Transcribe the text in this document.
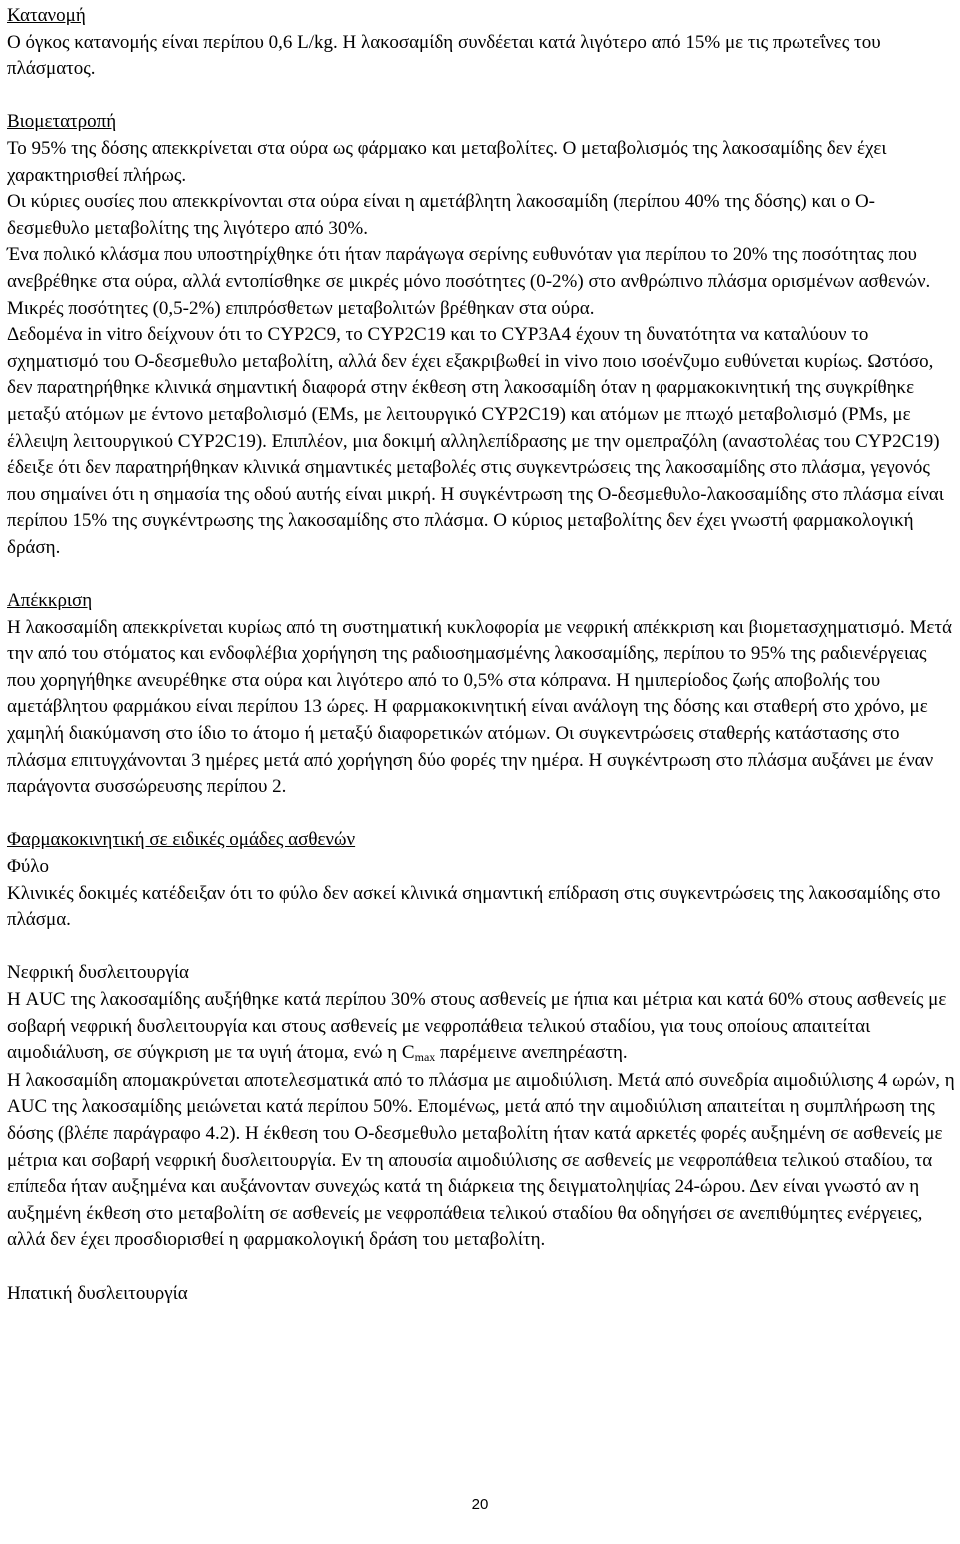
Κατανομή

Ο όγκος κατανομής είναι περίπου 0,6 L/kg. Η λακοσαμίδη συνδέεται κατά λιγότερο από 15% με τις πρωτεΐνες του πλάσματος.

Βιομετατροπή

Το 95% της δόσης απεκκρίνεται στα ούρα ως φάρμακο και μεταβολίτες. Ο μεταβολισμός της λακοσαμίδης δεν έχει χαρακτηρισθεί πλήρως.

Οι κύριες ουσίες που απεκκρίνονται στα ούρα είναι η αμετάβλητη λακοσαμίδη (περίπου 40% της δόσης) και ο O-δεσμεθυλο μεταβολίτης της λιγότερο από 30%.

Ένα πολικό κλάσμα που υποστηρίχθηκε ότι ήταν παράγωγα σερίνης ευθυνόταν για περίπου το 20% της ποσότητας που ανεβρέθηκε στα ούρα, αλλά εντοπίσθηκε σε μικρές μόνο ποσότητες (0-2%) στο ανθρώπινο πλάσμα ορισμένων ασθενών. Μικρές ποσότητες (0,5-2%) επιπρόσθετων μεταβολιτών βρέθηκαν στα ούρα.

Δεδομένα in vitro δείχνουν ότι το CYP2C9, το CYP2C19 και το CYP3A4 έχουν τη δυνατότητα να καταλύουν το σχηματισμό του O-δεσμεθυλο μεταβολίτη, αλλά δεν έχει εξακριβωθεί in vivo ποιο ισοένζυμο ευθύνεται κυρίως. Ωστόσο, δεν παρατηρήθηκε κλινικά σημαντική διαφορά στην έκθεση στη λακοσαμίδη όταν η φαρμακοκινητική της συγκρίθηκε μεταξύ ατόμων με έντονο μεταβολισμό (EMs, με λειτουργικό CYP2C19) και ατόμων με πτωχό μεταβολισμό (PMs, με έλλειψη λειτουργικού CYP2C19). Επιπλέον, μια δοκιμή αλληλεπίδρασης με την ομεπραζόλη (αναστολέας του CYP2C19) έδειξε ότι δεν παρατηρήθηκαν κλινικά σημαντικές μεταβολές στις συγκεντρώσεις της λακοσαμίδης στο πλάσμα, γεγονός που σημαίνει ότι η σημασία της οδού αυτής είναι μικρή. Η συγκέντρωση της O-δεσμεθυλο-λακοσαμίδης στο πλάσμα είναι περίπου 15% της συγκέντρωσης της λακοσαμίδης στο πλάσμα. Ο κύριος μεταβολίτης δεν έχει γνωστή φαρμακολογική δράση.

Απέκκριση

Η λακοσαμίδη απεκκρίνεται κυρίως από τη συστηματική κυκλοφορία με νεφρική απέκκριση και βιομετασχηματισμό. Μετά την από του στόματος και ενδοφλέβια χορήγηση της ραδιοσημασμένης λακοσαμίδης, περίπου το 95% της ραδιενέργειας που χορηγήθηκε ανευρέθηκε στα ούρα και λιγότερο από το 0,5% στα κόπρανα. Η ημιπερίοδος ζωής αποβολής του αμετάβλητου φαρμάκου είναι περίπου 13 ώρες. Η φαρμακοκινητική είναι ανάλογη της δόσης και σταθερή στο χρόνο, με χαμηλή διακύμανση στο ίδιο το άτομο ή μεταξύ διαφορετικών ατόμων. Οι συγκεντρώσεις σταθερής κατάστασης στο πλάσμα επιτυγχάνονται 3 ημέρες μετά από χορήγηση δύο φορές την ημέρα. Η συγκέντρωση στο πλάσμα αυξάνει με έναν παράγοντα συσσώρευσης περίπου 2.

Φαρμακοκινητική σε ειδικές ομάδες ασθενών

Φύλο

Κλινικές δοκιμές κατέδειξαν ότι το φύλο δεν ασκεί κλινικά σημαντική επίδραση στις συγκεντρώσεις της λακοσαμίδης στο πλάσμα.

Νεφρική δυσλειτουργία

Η AUC της λακοσαμίδης αυξήθηκε κατά περίπου 30% στους ασθενείς με ήπια και μέτρια και κατά 60% στους ασθενείς με σοβαρή νεφρική δυσλειτουργία και στους ασθενείς με νεφροπάθεια τελικού σταδίου, για τους οποίους απαιτείται αιμοδιάλυση, σε σύγκριση με τα υγιή άτομα, ενώ η $C_{max}$ παρέμεινε ανεπηρέαστη.

Η λακοσαμίδη απομακρύνεται αποτελεσματικά από το πλάσμα με αιμοδιύλιση. Μετά από συνεδρία αιμοδιύλισης 4 ωρών, η AUC της λακοσαμίδης μειώνεται κατά περίπου 50%. Επομένως, μετά από την αιμοδιύλιση απαιτείται η συμπλήρωση της δόσης (βλέπε παράγραφο 4.2). Η έκθεση του O-δεσμεθυλο μεταβολίτη ήταν κατά αρκετές φορές αυξημένη σε ασθενείς με μέτρια και σοβαρή νεφρική δυσλειτουργία. Εν τη απουσία αιμοδιύλισης σε ασθενείς με νεφροπάθεια τελικού σταδίου, τα επίπεδα ήταν αυξημένα και αυξάνονταν συνεχώς κατά τη διάρκεια της δειγματοληψίας 24-ώρου. Δεν είναι γνωστό αν η αυξημένη έκθεση στο μεταβολίτη σε ασθενείς με νεφροπάθεια τελικού σταδίου θα οδηγήσει σε ανεπιθύμητες ενέργειες, αλλά δεν έχει προσδιορισθεί η φαρμακολογική δράση του μεταβολίτη.

Ηπατική δυσλειτουργία

20
